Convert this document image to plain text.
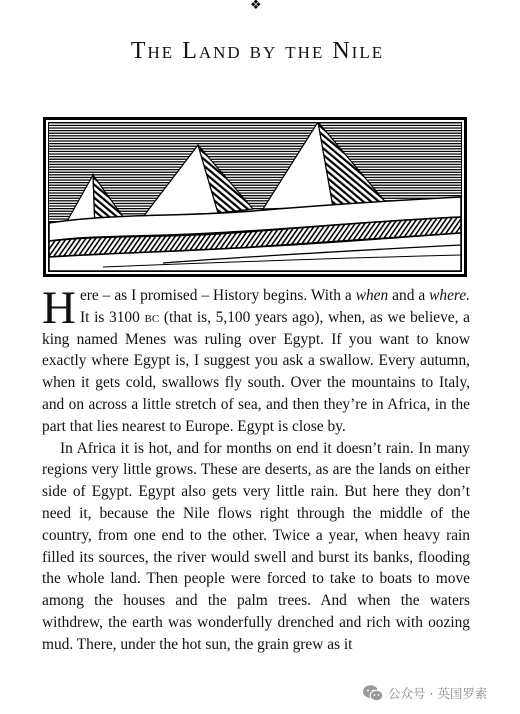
❖
The Land by the Nile

Here – as I promised – History begins. With a when and a where. It is 3100 bc (that is, 5,100 years ago), when, as we believe, a king named Menes was ruling over Egypt. If you want to know exactly where Egypt is, I suggest you ask a swallow. Every autumn, when it gets cold, swallows fly south. Over the mountains to Italy, and on across a little stretch of sea, and then they’re in Africa, in the part that lies nearest to Europe. Egypt is close by.

In Africa it is hot, and for months on end it doesn’t rain. In many regions very little grows. These are deserts, as are the lands on either side of Egypt. Egypt also gets very little rain. But here they don’t need it, because the Nile flows right through the middle of the country, from one end to the other. Twice a year, when heavy rain filled its sources, the river would swell and burst its banks, flooding the whole land. Then people were forced to take to boats to move among the houses and the palm trees. And when the waters withdrew, the earth was wonderfully drenched and rich with oozing mud. There, under the hot sun, the grain grew as it

公众号 · 英国罗素
